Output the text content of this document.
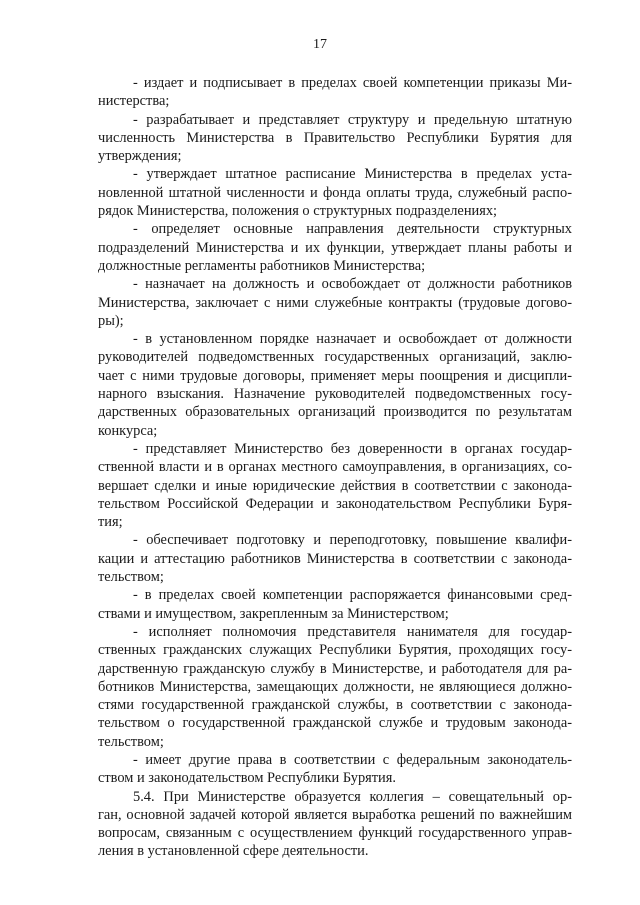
17
- издает и подписывает в пределах своей компетенции приказы Ми-
нистерства;
- разрабатывает и представляет структуру и предельную штатную
численность Министерства в Правительство Республики Бурятия для
утверждения;
- утверждает штатное расписание Министерства в пределах уста-
новленной штатной численности и фонда оплаты труда, служебный распо-
рядок Министерства, положения о структурных подразделениях;
- определяет основные направления деятельности структурных
подразделений Министерства и их функции, утверждает планы работы и
должностные регламенты работников Министерства;
- назначает на должность и освобождает от должности работников
Министерства, заключает с ними служебные контракты (трудовые догово-
ры);
- в установленном порядке назначает и освобождает от должности
руководителей подведомственных государственных организаций, заклю-
чает с ними трудовые договоры, применяет меры поощрения и дисципли-
нарного взыскания. Назначение руководителей подведомственных госу-
дарственных образовательных организаций производится по результатам
конкурса;
- представляет Министерство без доверенности в органах государ-
ственной власти и в органах местного самоуправления, в организациях, со-
вершает сделки и иные юридические действия в соответствии с законода-
тельством Российской Федерации и законодательством Республики Буря-
тия;
- обеспечивает подготовку и переподготовку, повышение квалифи-
кации и аттестацию работников Министерства в соответствии с законода-
тельством;
- в пределах своей компетенции распоряжается финансовыми сред-
ствами и имуществом, закрепленным за Министерством;
- исполняет полномочия представителя нанимателя для государ-
ственных гражданских служащих Республики Бурятия, проходящих госу-
дарственную гражданскую службу в Министерстве, и работодателя для ра-
ботников Министерства, замещающих должности, не являющиеся должно-
стями государственной гражданской службы, в соответствии с законода-
тельством о государственной гражданской службе и трудовым законода-
тельством;
- имеет другие права в соответствии с федеральным законодатель-
ством и законодательством Республики Бурятия.
5.4. При Министерстве образуется коллегия – совещательный ор-
ган, основной задачей которой является выработка решений по важнейшим
вопросам, связанным с осуществлением функций государственного управ-
ления в установленной сфере деятельности.
